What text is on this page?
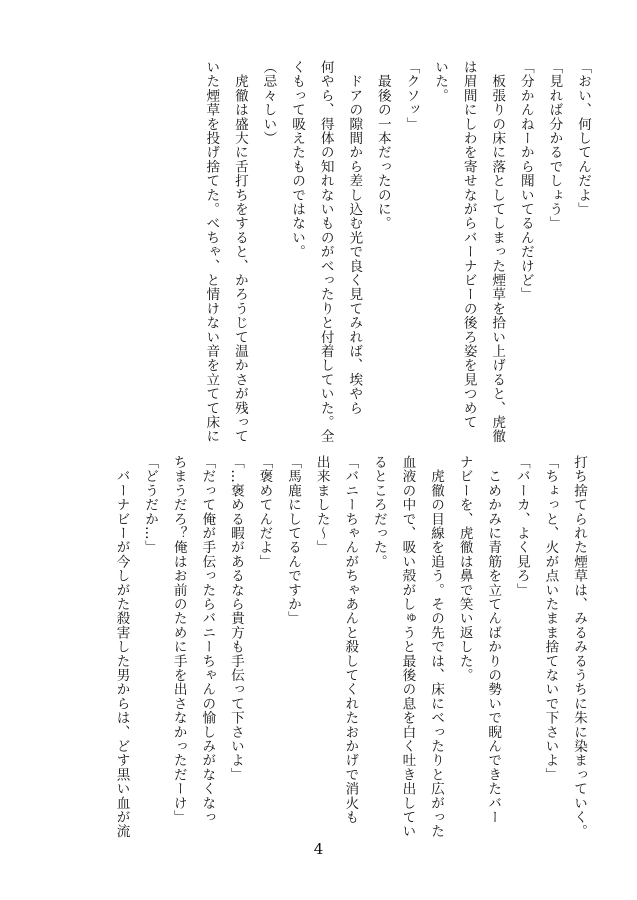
「おい、何してんだよ」
「見れば分かるでしょう」
「分かんねーから聞いてるんだけど」
　板張りの床に落としてしまった煙草を拾い上げると、虎徹
は眉間にしわを寄せながらバーナビーの後ろ姿を見つめて
いた。
「クソッ」
　最後の一本だったのに。
　ドアの隙間から差し込む光で良く見てみれば、埃やら
何やら、得体の知れないものがべったりと付着していた。全
くもって吸えたものではない。
（忌々しい）
　虎徹は盛大に舌打ちをすると、かろうじて温かさが残って
いた煙草を投げ捨てた。べちゃ、と情けない音を立てて床に
打ち捨てられた煙草は、みるみるうちに朱に染まっていく。
「ちょっと、火が点いたまま捨てないで下さいよ」
「バーカ、よく見ろ」
　こめかみに青筋を立てんばかりの勢いで睨んできたバー
ナビーを、虎徹は鼻で笑い返した。
　虎徹の目線を追う。その先では、床にべったりと広がった
血液の中で、吸い殻がしゅうと最後の息を白く吐き出してい
るところだった。
「バニーちゃんがちゃあんと殺してくれたおかげで消火も
出来ました～」
「馬鹿にしてるんですか」
「褒めてんだよ」
「…褒める暇があるなら貴方も手伝って下さいよ」
「だって俺が手伝ったらバニーちゃんの愉しみがなくなっ
ちまうだろ？俺はお前のために手を出さなかっただーけ」
「どうだか…」
　バーナビーが今しがた殺害した男からは、どす黒い血が流
4
